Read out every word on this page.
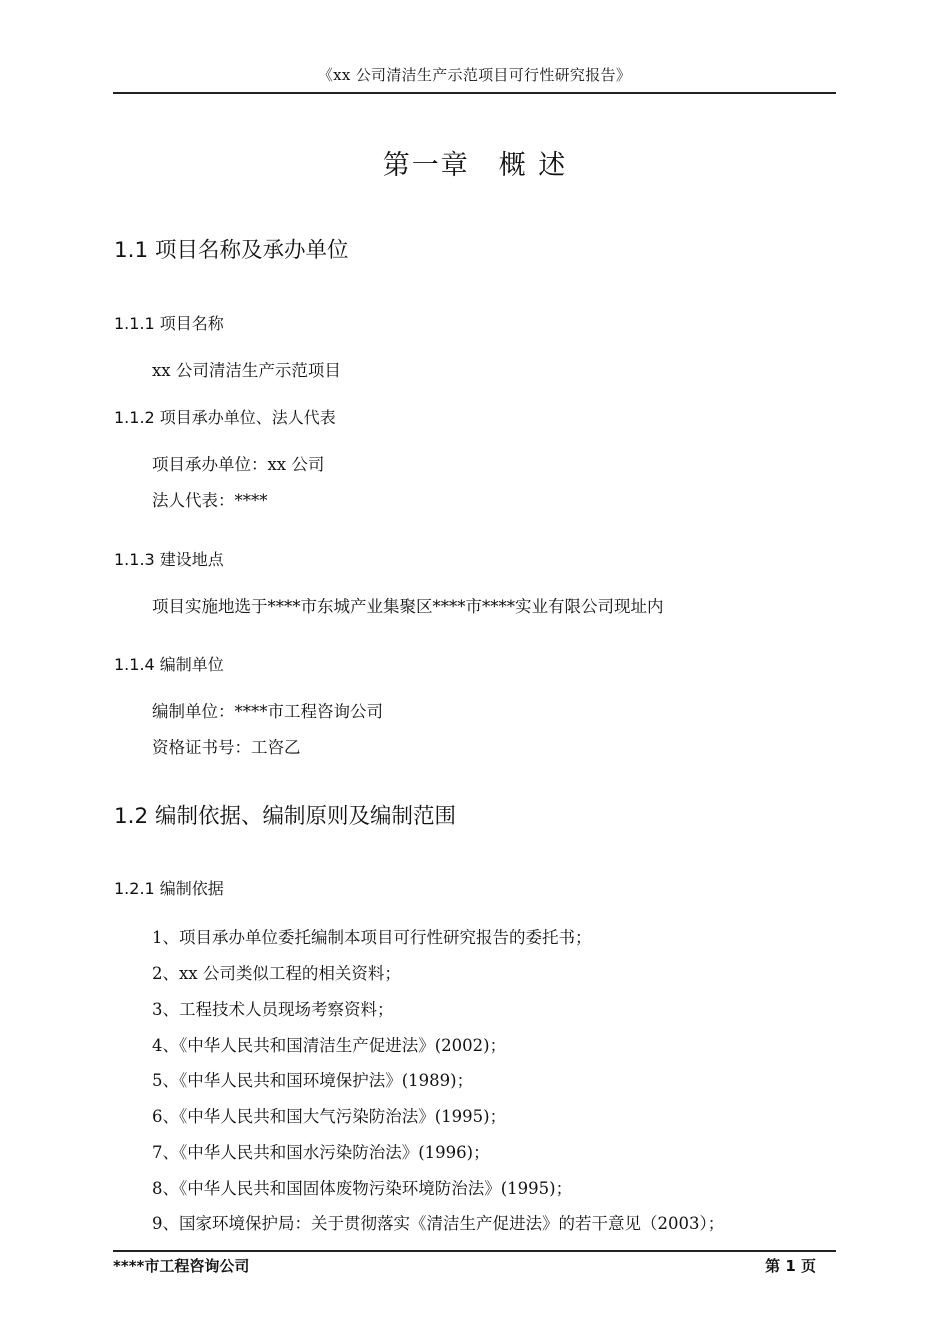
《xx 公司清洁生产示范项目可行性研究报告》
第一章　概 述
1.1 项目名称及承办单位
1.1.1 项目名称
xx 公司清洁生产示范项目
1.1.2 项目承办单位、法人代表
项目承办单位：xx 公司
法人代表：****
1.1.3 建设地点
项目实施地选于****市东城产业集聚区****市****实业有限公司现址内
1.1.4 编制单位
编制单位：****市工程咨询公司
资格证书号：工咨乙
1.2 编制依据、编制原则及编制范围
1.2.1 编制依据
1、项目承办单位委托编制本项目可行性研究报告的委托书；
2、xx 公司类似工程的相关资料；
3、工程技术人员现场考察资料；
4、《中华人民共和国清洁生产促进法》(2002)；
5、《中华人民共和国环境保护法》(1989)；
6、《中华人民共和国大气污染防治法》(1995)；
7、《中华人民共和国水污染防治法》(1996)；
8、《中华人民共和国固体废物污染环境防治法》(1995)；
9、国家环境保护局：关于贯彻落实《清洁生产促进法》的若干意见（2003）；
****市工程咨询公司	第 1 页
